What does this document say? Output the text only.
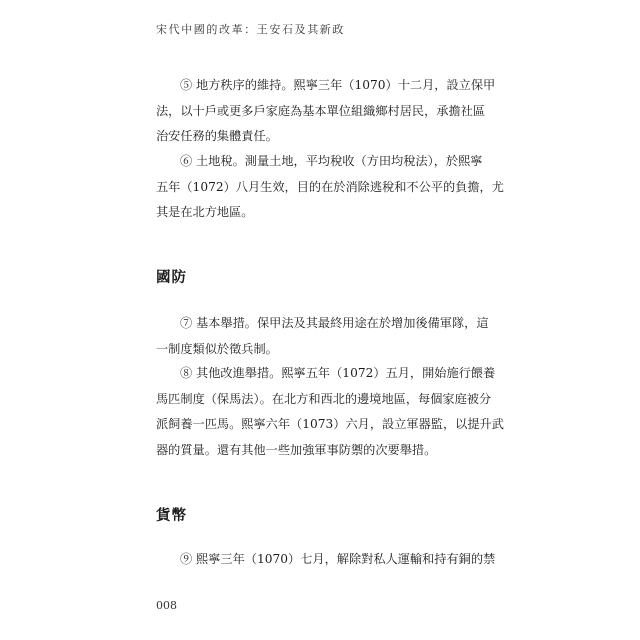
宋代中國的改革：王安石及其新政

⑤ 地方秩序的維持。熙寧三年（1070）十二月，設立保甲
法，以十戶或更多戶家庭為基本單位組織鄉村居民，承擔社區
治安任務的集體責任。

⑥ 土地稅。測量土地，平均稅收（方田均稅法），於熙寧
五年（1072）八月生效，目的在於消除逃稅和不公平的負擔，尤
其是在北方地區。

國防

⑦ 基本舉措。保甲法及其最終用途在於增加後備軍隊，這
一制度類似於徵兵制。

⑧ 其他改進舉措。熙寧五年（1072）五月，開始施行餵養
馬匹制度（保馬法）。在北方和西北的邊境地區，每個家庭被分
派飼養一匹馬。熙寧六年（1073）六月，設立軍器監，以提升武
器的質量。還有其他一些加強軍事防禦的次要舉措。

貨幣

⑨ 熙寧三年（1070）七月，解除對私人運輸和持有銅的禁

008
